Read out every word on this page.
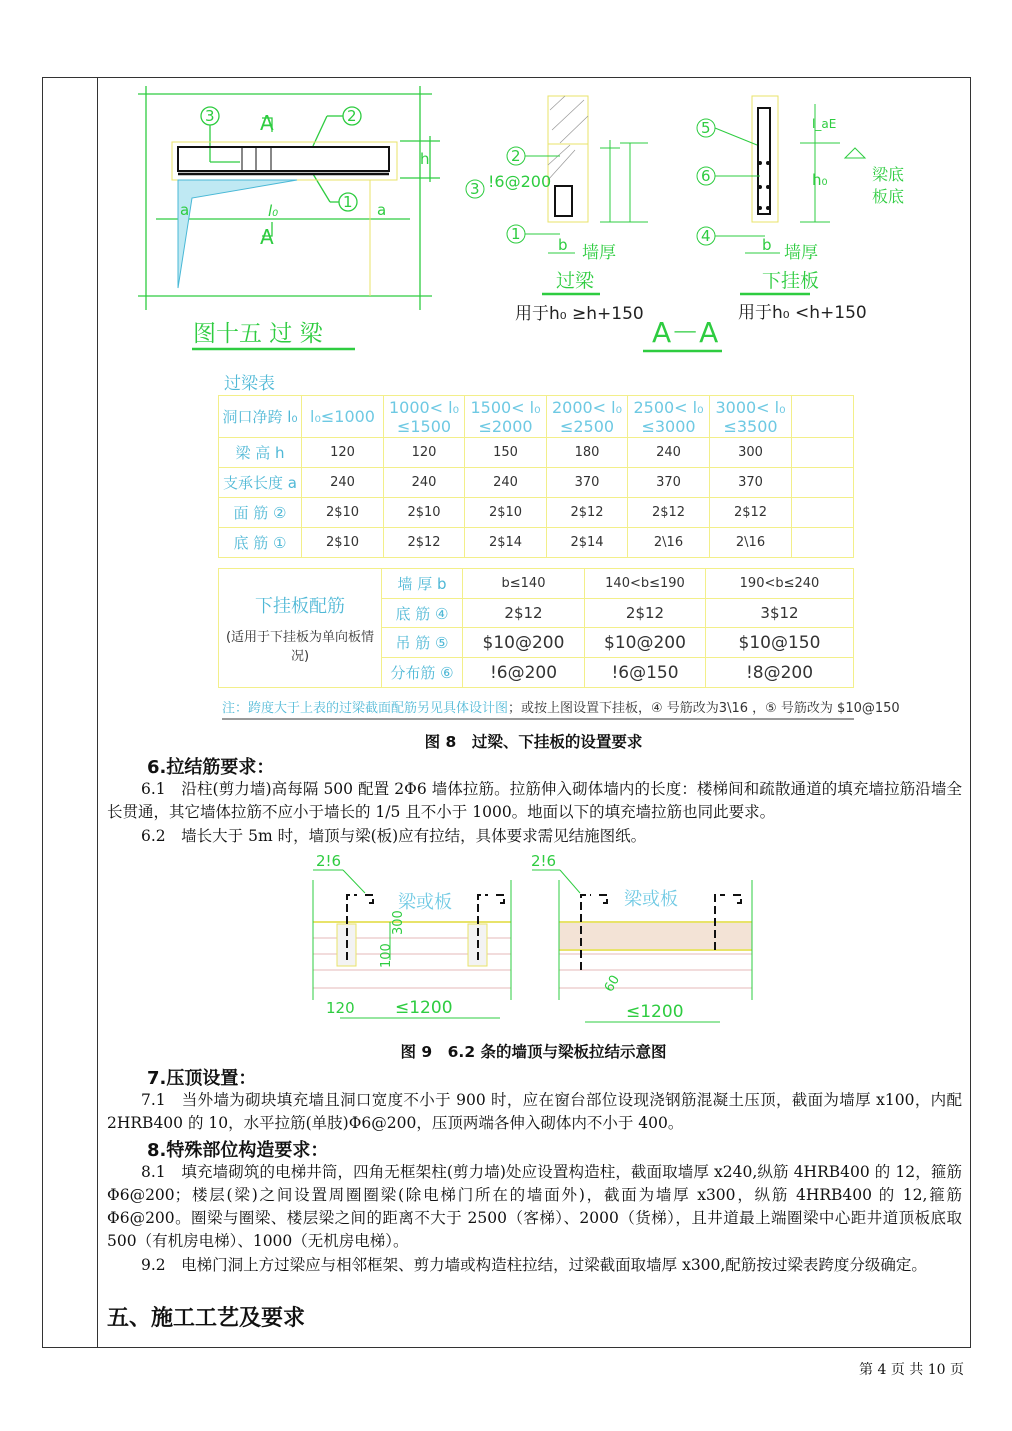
3	2
1
A
A
h
a	a
l₀
图十五 过 梁
2
3
1
!6@200
b 墙厚
过梁
用于h₀ ≥h+150
A－A
5
6
4
l_aE
h₀	梁底
板底
b 墙厚
下挂板
用于h₀ <h+150
过梁表
洞口净跨 l₀	l₀≤1000	1000< l₀ ≤1500	1500< l₀ ≤2000	2000< l₀ ≤2500	2500< l₀ ≤3000	3000< l₀ ≤3500	
梁 高 h	120	120	150	180	240	300	
支承长度 a	240	240	240	370	370	370	
面 筋 ②	2$10	2$10	2$10	2$12	2$12	2$12	
底 筋 ①	2$10	2$12	2$14	2$14	2\16	2\16	
下挂板配筋
(适用于下挂板为单向板情况)	墙 厚 b	b≤140	140<b≤190	190<b≤240
	底 筋 ④	2$12	2$12	3$12
	吊 筋 ⑤	$10@200	$10@200	$10@150
	分布筋 ⑥	!6@200	!6@150	!8@200
注：跨度大于上表的过梁截面配筋另见具体设计图；或按上图设置下挂板，④ 号筋改为3\16 ，⑤ 号筋改为 $10@150
图 8　过梁、下挂板的设置要求
6.拉结筋要求：
6.1　沿柱(剪力墙)高每隔 500 配置 2Φ6 墙体拉筋。拉筋伸入砌体墙内的长度：楼梯间和疏散通道的填充墙拉筋沿墙全长贯通，其它墙体拉筋不应小于墙长的 1/5 且不小于 1000。地面以下的填充墙拉筋也同此要求。
6.2　墙长大于 5m 时，墙顶与梁(板)应有拉结，具体要求需见结施图纸。
2!6	2!6
100
300
120 ≤1200
60
≤1200
梁或板	梁或板
图 9　6.2 条的墙顶与梁板拉结示意图
7.压顶设置：
7.1　当外墙为砌块填充墙且洞口宽度不小于 900 时，应在窗台部位设现浇钢筋混凝土压顶，截面为墙厚 x100，内配 2HRB400 的 10，水平拉筋(单肢)Φ6@200，压顶两端各伸入砌体内不小于 400。
8.特殊部位构造要求：
8.1　填充墙砌筑的电梯井筒，四角无框架柱(剪力墙)处应设置构造柱，截面取墙厚 x240,纵筋 4HRB400 的 12，箍筋Φ6@200；楼层(梁)之间设置周圈圈梁(除电梯门所在的墙面外)，截面为墙厚 x300，纵筋 4HRB400 的 12,箍筋Φ6@200。圈梁与圈梁、楼层梁之间的距离不大于 2500（客梯）、2000（货梯），且井道最上端圈梁中心距井道顶板底取 500（有机房电梯）、1000（无机房电梯）。
9.2　电梯门洞上方过梁应与相邻框架、剪力墙或构造柱拉结，过梁截面取墙厚 x300,配筋按过梁表跨度分级确定。
五、施工工艺及要求
第 4 页 共 10 页
